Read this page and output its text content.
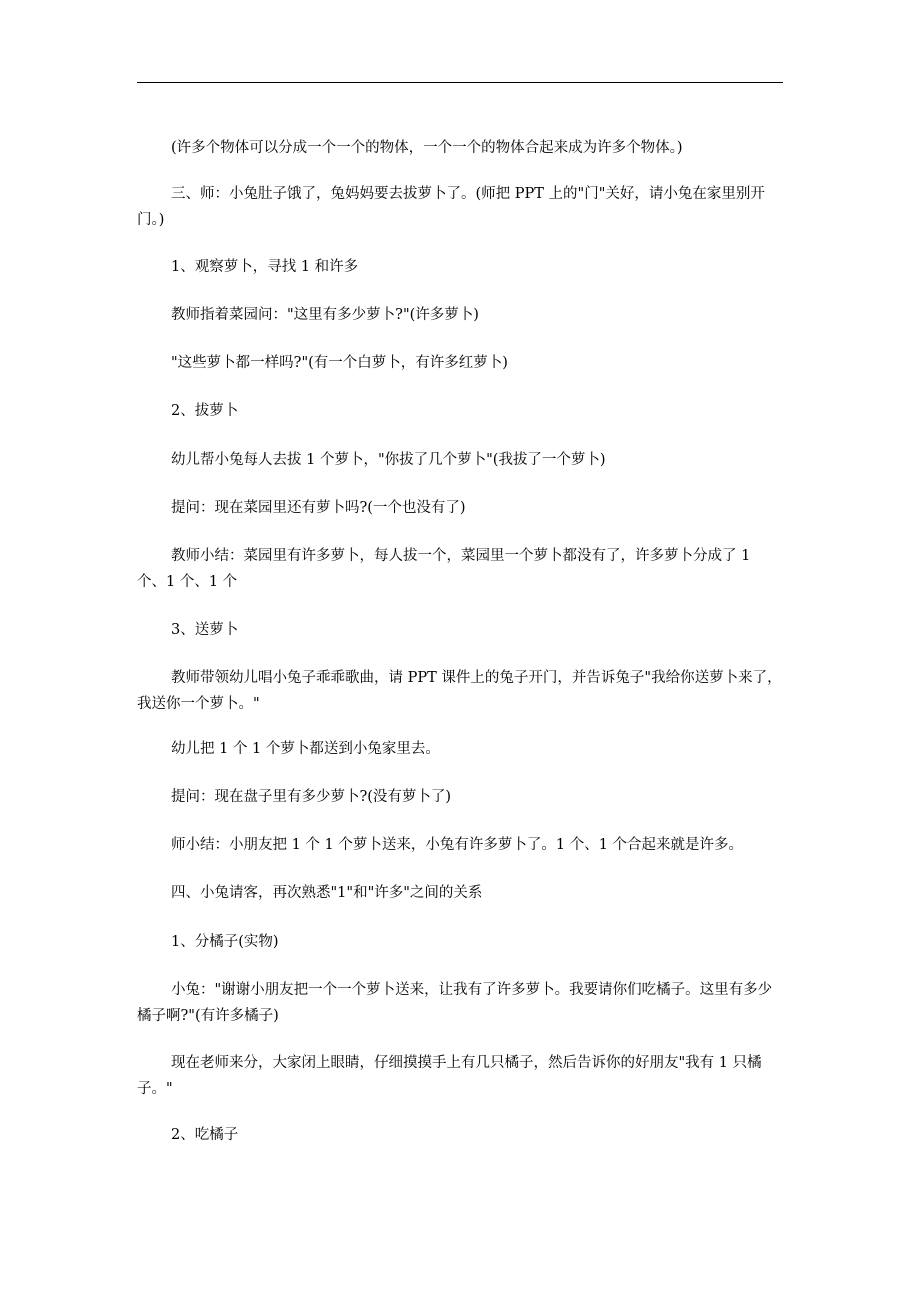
(许多个物体可以分成一个一个的物体，一个一个的物体合起来成为许多个物体。)
三、师：小兔肚子饿了，兔妈妈要去拔萝卜了。(师把 PPT 上的"门"关好，请小兔在家里别开门。)
1、观察萝卜，寻找 1 和许多
教师指着菜园问："这里有多少萝卜?"(许多萝卜)
"这些萝卜都一样吗?"(有一个白萝卜，有许多红萝卜)
2、拔萝卜
幼儿帮小兔每人去拔 1 个萝卜，"你拔了几个萝卜"(我拔了一个萝卜)
提问：现在菜园里还有萝卜吗?(一个也没有了)
教师小结：菜园里有许多萝卜，每人拔一个，菜园里一个萝卜都没有了，许多萝卜分成了 1 个、1 个、1 个
3、送萝卜
教师带领幼儿唱小兔子乖乖歌曲，请 PPT 课件上的兔子开门，并告诉兔子"我给你送萝卜来了，我送你一个萝卜。"
幼儿把 1 个 1 个萝卜都送到小兔家里去。
提问：现在盘子里有多少萝卜?(没有萝卜了)
师小结：小朋友把 1 个 1 个萝卜送来，小兔有许多萝卜了。1 个、1 个合起来就是许多。
四、小兔请客，再次熟悉"1"和"许多"之间的关系
1、分橘子(实物)
小兔："谢谢小朋友把一个一个萝卜送来，让我有了许多萝卜。我要请你们吃橘子。这里有多少橘子啊?"(有许多橘子)
现在老师来分，大家闭上眼睛，仔细摸摸手上有几只橘子，然后告诉你的好朋友"我有 1 只橘子。"
2、吃橘子
